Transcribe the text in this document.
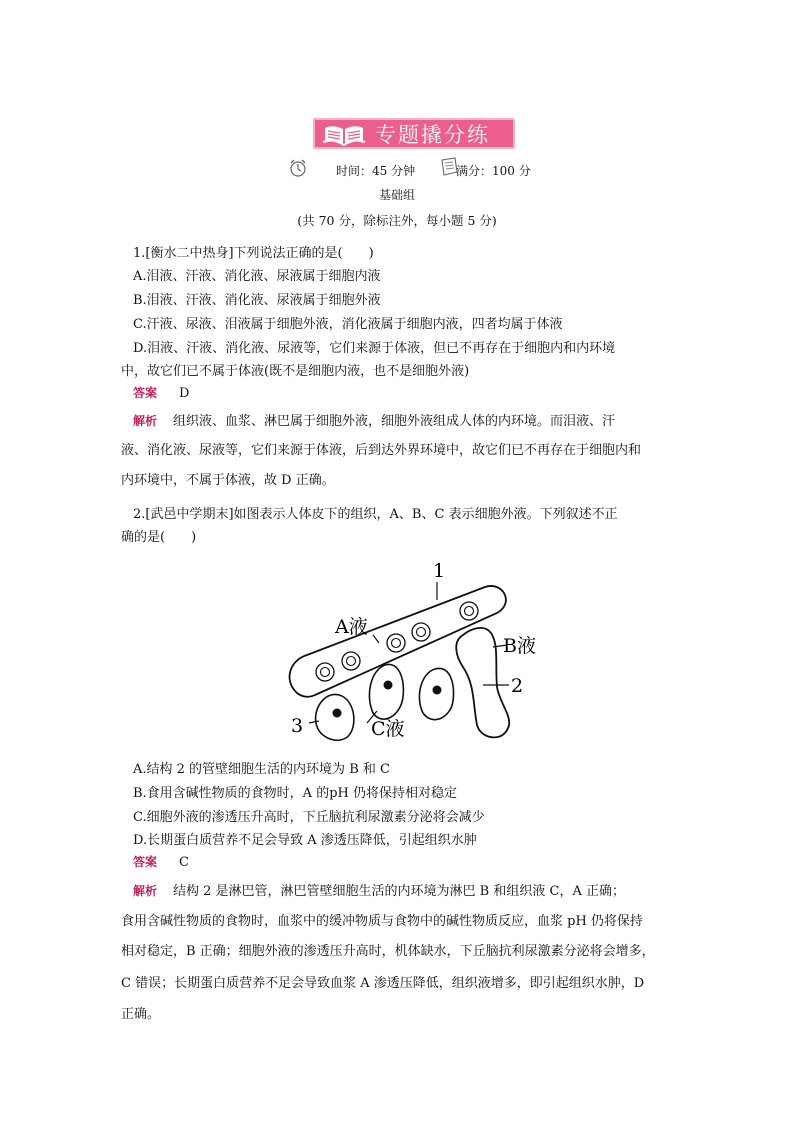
专题撬分练
时间：45 分钟	满分：100 分
基础组
(共 70 分，除标注外，每小题 5 分)
1.[衡水二中热身]下列说法正确的是(　　)
A.泪液、汗液、消化液、尿液属于细胞内液
B.泪液、汗液、消化液、尿液属于细胞外液
C.汗液、尿液、泪液属于细胞外液，消化液属于细胞内液，四者均属于体液
D.泪液、汗液、消化液、尿液等，它们来源于体液，但已不再存在于细胞内和内环境
中，故它们已不属于体液(既不是细胞内液，也不是细胞外液)
答案 D
解析 组织液、血浆、淋巴属于细胞外液，细胞外液组成人体的内环境。而泪液、汗
液、消化液、尿液等，它们来源于体液，后到达外界环境中，故它们已不再存在于细胞内和
内环境中，不属于体液，故 D 正确。
2.[武邑中学期末]如图表示人体皮下的组织，A、B、C 表示细胞外液。下列叙述不正
确的是(　　)
1
A液
B液
2
3	C液
A.结构 2 的管壁细胞生活的内环境为 B 和 C
B.食用含碱性物质的食物时，A 的pH 仍将保持相对稳定
C.细胞外液的渗透压升高时，下丘脑抗利尿激素分泌将会减少
D.长期蛋白质营养不足会导致 A 渗透压降低，引起组织水肿
答案 C
解析 结构 2 是淋巴管，淋巴管壁细胞生活的内环境为淋巴 B 和组织液 C，A 正确；
食用含碱性物质的食物时，血浆中的缓冲物质与食物中的碱性物质反应，血浆 pH 仍将保持
相对稳定，B 正确；细胞外液的渗透压升高时，机体缺水，下丘脑抗利尿激素分泌将会增多，
C 错误；长期蛋白质营养不足会导致血浆 A 渗透压降低，组织液增多，即引起组织水肿，D
正确。
